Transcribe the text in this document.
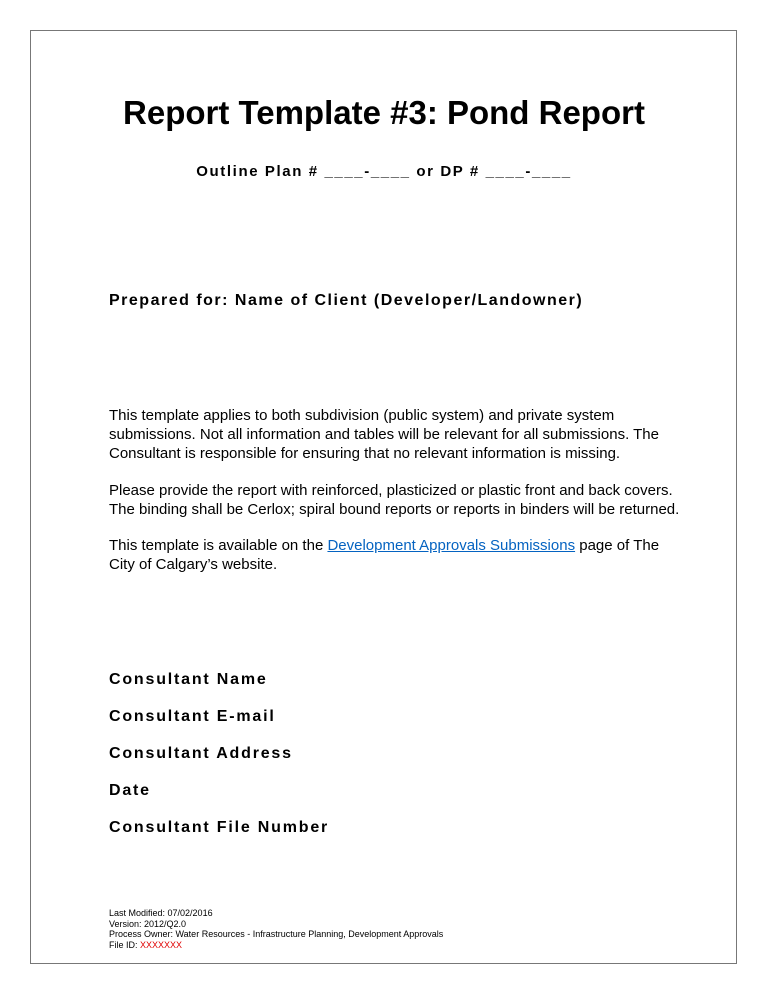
Report Template #3: Pond Report
Outline Plan # ____-____ or DP # ____-____
Prepared for: Name of Client (Developer/Landowner)
This template applies to both subdivision (public system) and private system submissions. Not all information and tables will be relevant for all submissions. The Consultant is responsible for ensuring that no relevant information is missing.
Please provide the report with reinforced, plasticized or plastic front and back covers. The binding shall be Cerlox; spiral bound reports or reports in binders will be returned.
This template is available on the Development Approvals Submissions page of The City of Calgary’s website.
Consultant Name
Consultant E-mail
Consultant Address
Date
Consultant File Number
Last Modified: 07/02/2016
Version: 2012/Q2.0
Process Owner: Water Resources - Infrastructure Planning, Development Approvals
File ID: XXXXXXX
